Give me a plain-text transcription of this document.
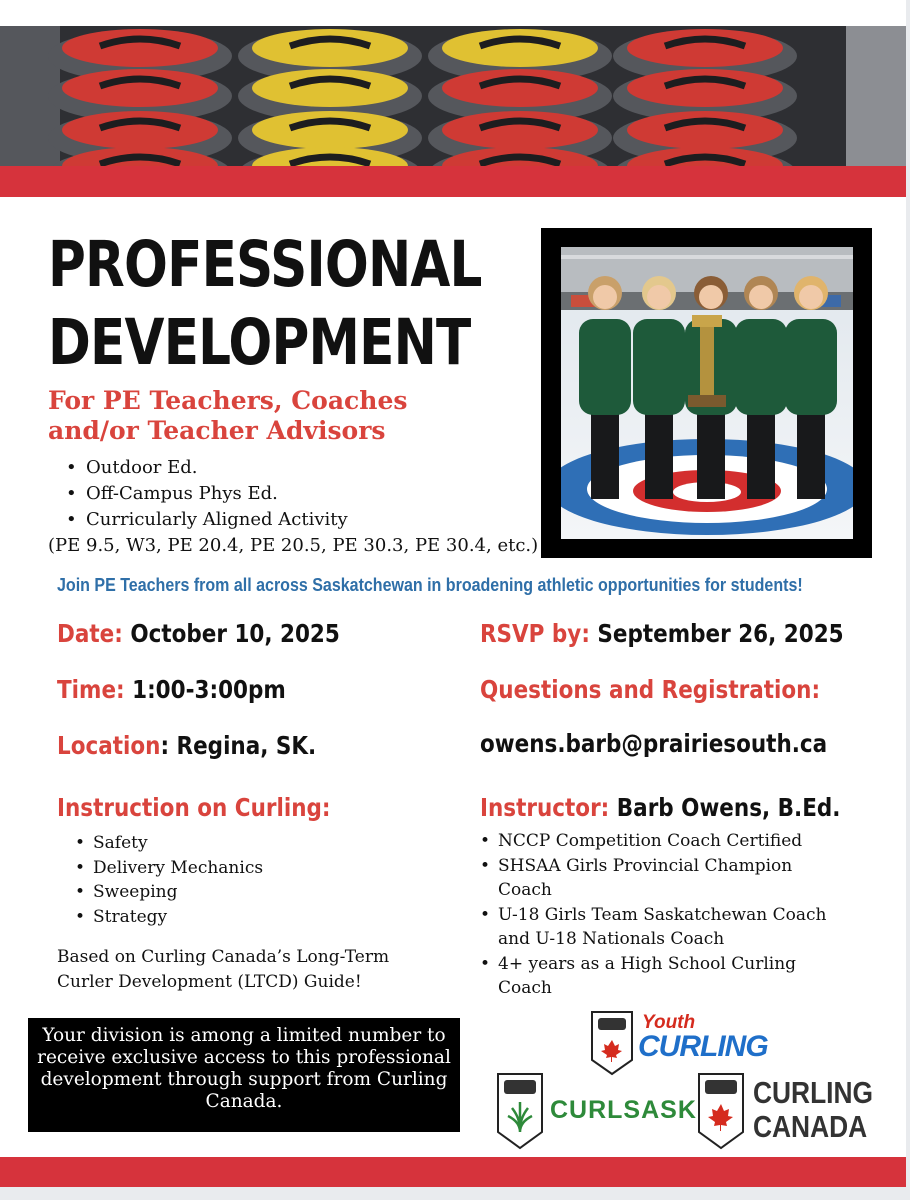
PROFESSIONAL
DEVELOPMENT
For PE Teachers, Coaches
and/or Teacher Advisors
• Outdoor Ed.
• Off-Campus Phys Ed.
• Curricularly Aligned Activity
(PE 9.5, W3, PE 20.4, PE 20.5, PE 30.3, PE 30.4, etc.)
Join PE Teachers from all across Saskatchewan in broadening athletic opportunities for students!
Date: October 10, 2025
Time: 1:00-3:00pm
Location: Regina, SK.
Instruction on Curling:
• Safety
• Delivery Mechanics
• Sweeping
• Strategy
Based on Curling Canada’s Long-Term Curler Development (LTCD) Guide!
RSVP by: September 26, 2025
Questions and Registration:
owens.barb@prairiesouth.ca
Instructor: Barb Owens, B.Ed.
• NCCP Competition Coach Certified
• SHSAA Girls Provincial Champion Coach
• U-18 Girls Team Saskatchewan Coach and U-18 Nationals Coach
• 4+ years as a High School Curling Coach
Your division is among a limited number to receive exclusive access to this professional development through support from Curling Canada.
Youth
CURLING
CURLSASK CURLING
CANADA
